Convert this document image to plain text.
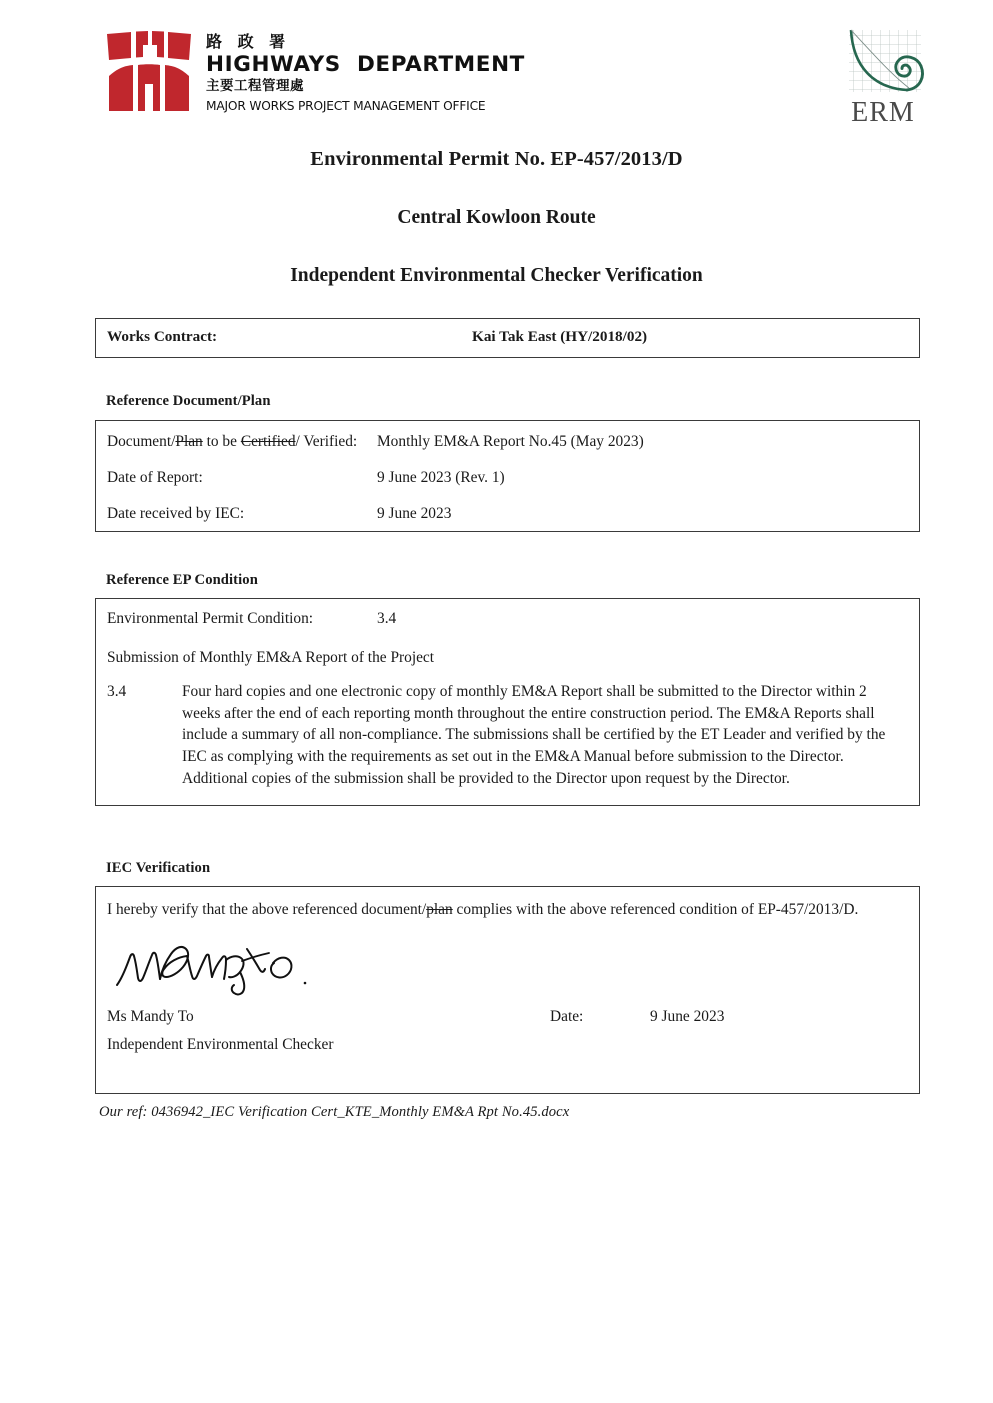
路 政 署
HIGHWAYS  DEPARTMENT
主要工程管理處
MAJOR WORKS PROJECT MANAGEMENT OFFICE	ERM
Environmental Permit No. EP-457/2013/D
Central Kowloon Route
Independent Environmental Checker Verification
Works Contract:	Kai Tak East (HY/2018/02)
Reference Document/Plan
Document/Plan to be Certified/ Verified:	Monthly EM&A Report No.45 (May 2023)
Date of Report:	9 June 2023 (Rev. 1)
Date received by IEC:	9 June 2023
Reference EP Condition
Environmental Permit Condition:	3.4
Submission of Monthly EM&A Report of the Project
3.4	Four hard copies and one electronic copy of monthly EM&A Report shall be submitted to the Director within 2 weeks after the end of each reporting month throughout the entire construction period. The EM&A Reports shall include a summary of all non-compliance. The submissions shall be certified by the ET Leader and verified by the IEC as complying with the requirements as set out in the EM&A Manual before submission to the Director. Additional copies of the submission shall be provided to the Director upon request by the Director.
IEC Verification
I hereby verify that the above referenced document/plan complies with the above referenced condition of EP-457/2013/D.
Ms Mandy To	Date:	9 June 2023
Independent Environmental Checker
Our ref: 0436942_IEC Verification Cert_KTE_Monthly EM&A Rpt No.45.docx
